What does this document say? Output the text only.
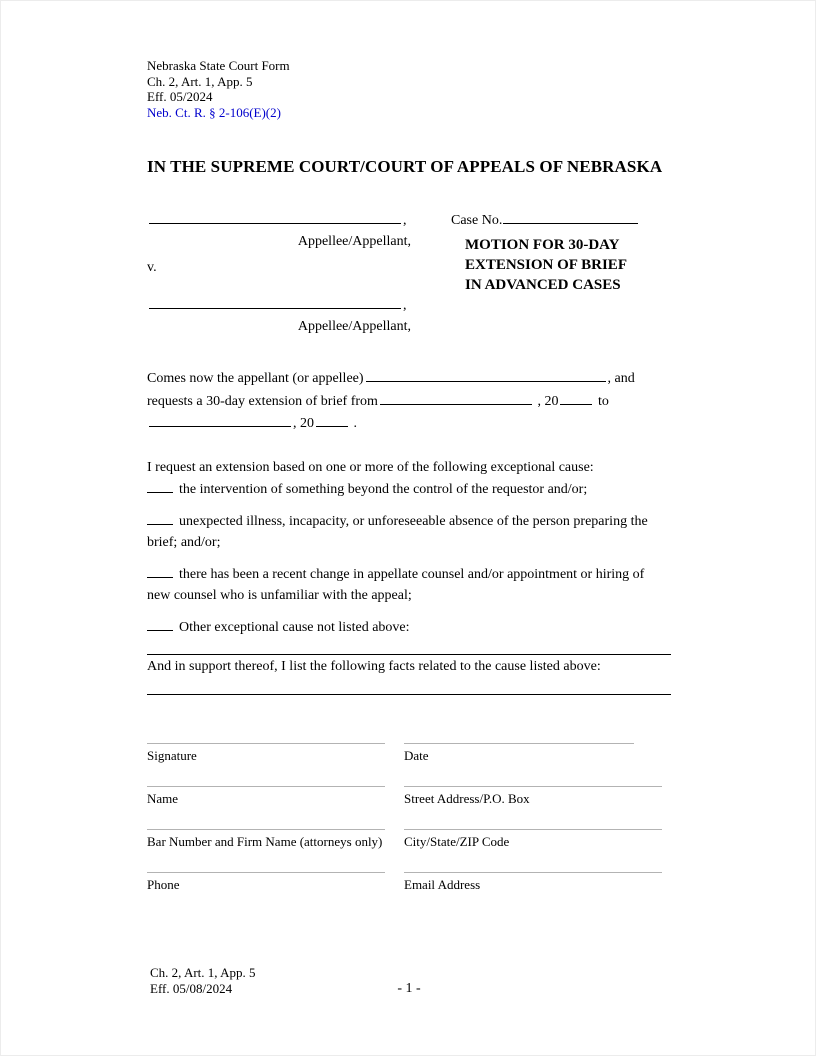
Nebraska State Court Form
Ch. 2, Art. 1, App. 5
Eff. 05/2024
Neb. Ct. R. § 2-106(E)(2)
IN THE SUPREME COURT/COURT OF APPEALS OF NEBRASKA
,
Appellee/Appellant,
v.
,
Appellee/Appellant,
Case No.
MOTION FOR 30-DAY
EXTENSION OF BRIEF
IN ADVANCED CASES
Comes now the appellant (or appellee)	, and
requests a 30-day extension of brief from	, 20	to
, 20	.

I request an extension based on one or more of the following exceptional cause:

the intervention of something beyond the control of the requestor and/or;

unexpected illness, incapacity, or unforeseeable absence of the person preparing the brief; and/or;

there has been a recent change in appellate counsel and/or appointment or hiring of new counsel who is unfamiliar with the appeal;

Other exceptional cause not listed above:

And in support thereof, I list the following facts related to the cause listed above:

Signature	Date
Name	Street Address/P.O. Box
Bar Number and Firm Name (attorneys only)	City/State/ZIP Code
Phone	Email Address
Ch. 2, Art. 1, App. 5
Eff. 05/08/2024	- 1 -
